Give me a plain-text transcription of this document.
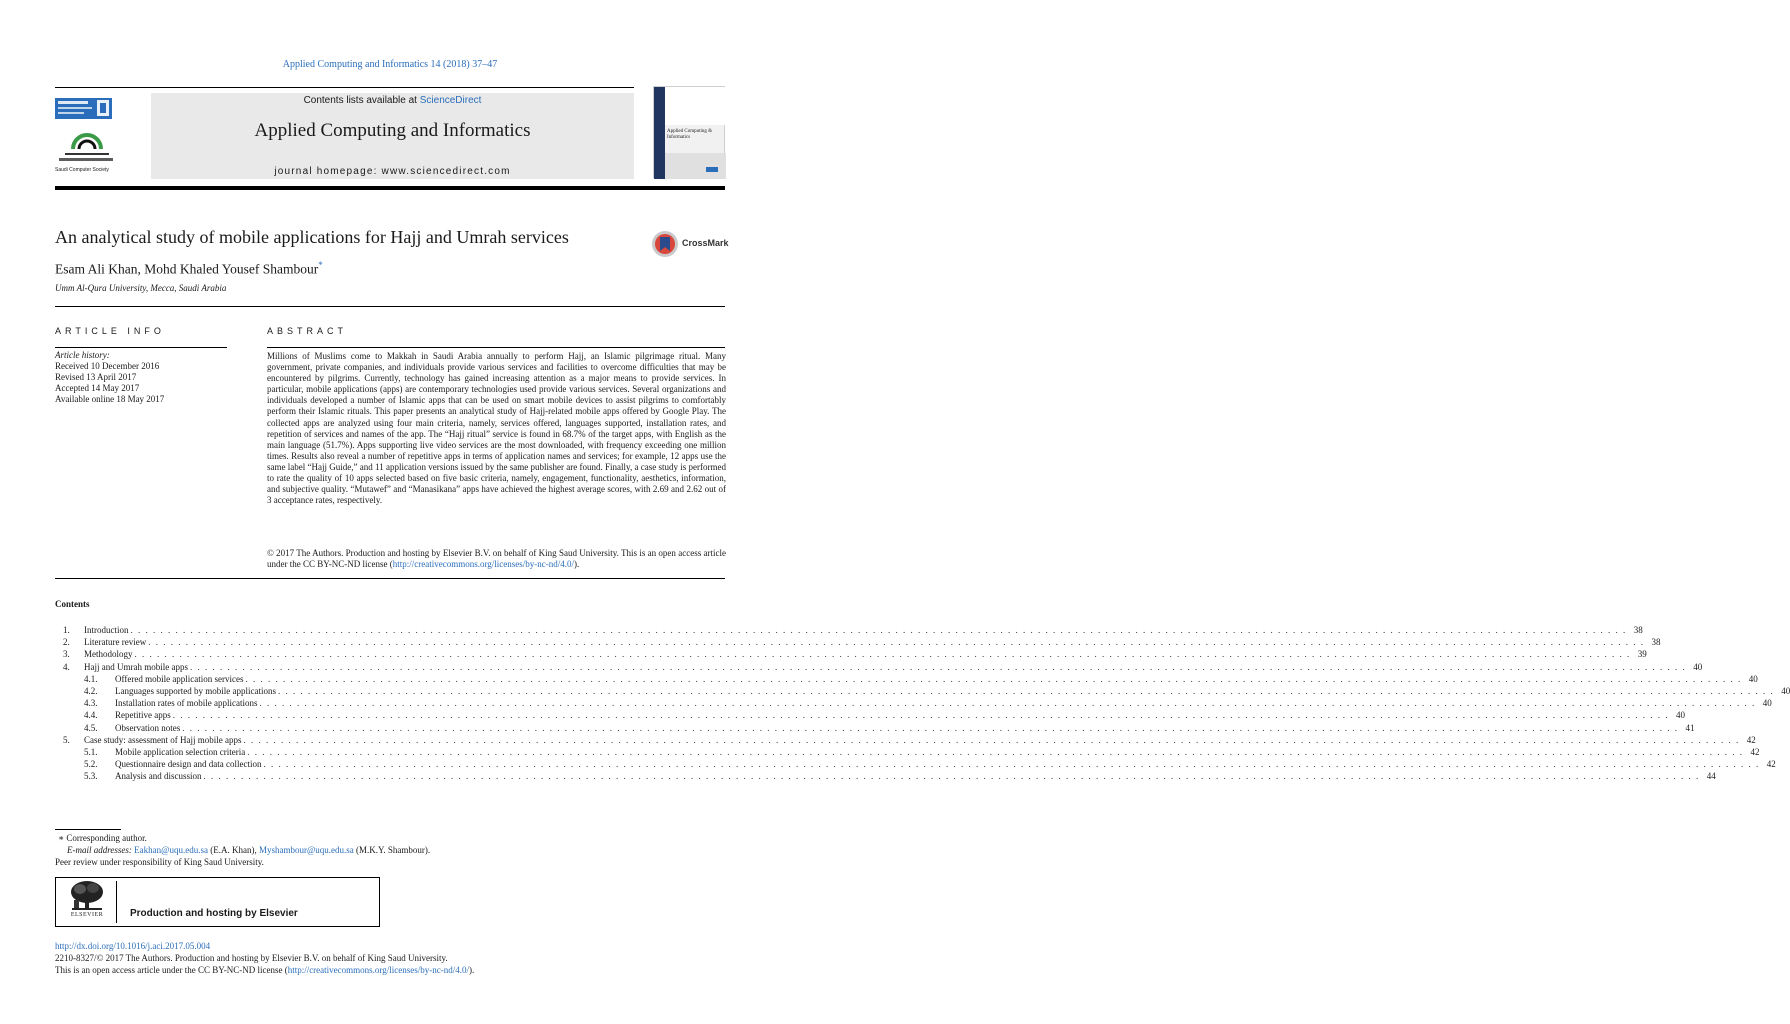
Applied Computing and Informatics 14 (2018) 37–47
Saudi Computer Society
Contents lists available at ScienceDirect
Applied Computing and Informatics
journal homepage: www.sciencedirect.com
Applied Computing & Informatics
An analytical study of mobile applications for Hajj and Umrah services
Esam Ali Khan, Mohd Khaled Yousef Shambour*
Umm Al-Qura University, Mecca, Saudi Arabia
CrossMark
ARTICLE INFO	ABSTRACT
Article history:
Received 10 December 2016
Revised 13 April 2017
Accepted 14 May 2017
Available online 18 May 2017
Millions of Muslims come to Makkah in Saudi Arabia annually to perform Hajj, an Islamic pilgrimage ritual. Many government, private companies, and individuals provide various services and facilities to overcome difficulties that may be encountered by pilgrims. Currently, technology has gained increasing attention as a major means to provide services. In particular, mobile applications (apps) are contemporary technologies used provide various services. Several organizations and individuals developed a number of Islamic apps that can be used on smart mobile devices to assist pilgrims to comfortably perform their Islamic rituals. This paper presents an analytical study of Hajj-related mobile apps offered by Google Play. The collected apps are analyzed using four main criteria, namely, services offered, languages supported, installation rates, and repetition of services and names of the app. The “Hajj ritual” service is found in 68.7% of the target apps, with English as the main language (51.7%). Apps supporting live video services are the most downloaded, with frequency exceeding one million times. Results also reveal a number of repetitive apps in terms of application names and services; for example, 12 apps use the same label “Hajj Guide,” and 11 application versions issued by the same publisher are found. Finally, a case study is performed to rate the quality of 10 apps selected based on five basic criteria, namely, engagement, functionality, aesthetics, information, and subjective quality. “Mutawef” and “Manasikana” apps have achieved the highest average scores, with 2.69 and 2.62 out of 3 acceptance rates, respectively.
© 2017 The Authors. Production and hosting by Elsevier B.V. on behalf of King Saud University. This is an open access article under the CC BY-NC-ND license (http://creativecommons.org/licenses/by-nc-nd/4.0/).
Contents
1.	Introduction . . . . . . . . . . . . . . . . . . . . . . . . . . . . . . . . . . . . . . . . . . . . . . . . . . . . . . . . . . . . . . . . . . . . . . . . . . . . . . . . . . . . . . . . . . . . . . . . . . . . . . . . . . . . . . . . . . . . . . . . . . . . . . . . . . . . . . . . . . . . . . . . . . . . . . . . . . . . . . . . . . . . . . . . . . . . . . . . . . . . . . . . . . . . . . . . . . . . . . . . 38
2.	Literature review . . . . . . . . . . . . . . . . . . . . . . . . . . . . . . . . . . . . . . . . . . . . . . . . . . . . . . . . . . . . . . . . . . . . . . . . . . . . . . . . . . . . . . . . . . . . . . . . . . . . . . . . . . . . . . . . . . . . . . . . . . . . . . . . . . . . . . . . . . . . . . . . . . . . . . . . . . . . . . . . . . . . . . . . . . . . . . . . . . . . . . . . . . . . . . . . . . . . . . . . 38
3.	Methodology . . . . . . . . . . . . . . . . . . . . . . . . . . . . . . . . . . . . . . . . . . . . . . . . . . . . . . . . . . . . . . . . . . . . . . . . . . . . . . . . . . . . . . . . . . . . . . . . . . . . . . . . . . . . . . . . . . . . . . . . . . . . . . . . . . . . . . . . . . . . . . . . . . . . . . . . . . . . . . . . . . . . . . . . . . . . . . . . . . . . . . . . . . . . . . . . . . . . . . . . 39
4.	Hajj and Umrah mobile apps . . . . . . . . . . . . . . . . . . . . . . . . . . . . . . . . . . . . . . . . . . . . . . . . . . . . . . . . . . . . . . . . . . . . . . . . . . . . . . . . . . . . . . . . . . . . . . . . . . . . . . . . . . . . . . . . . . . . . . . . . . . . . . . . . . . . . . . . . . . . . . . . . . . . . . . . . . . . . . . . . . . . . . . . . . . . . . . . . . . . . . . . . . . . . . . . . . . . . . . . 40
4.1.	Offered mobile application services . . . . . . . . . . . . . . . . . . . . . . . . . . . . . . . . . . . . . . . . . . . . . . . . . . . . . . . . . . . . . . . . . . . . . . . . . . . . . . . . . . . . . . . . . . . . . . . . . . . . . . . . . . . . . . . . . . . . . . . . . . . . . . . . . . . . . . . . . . . . . . . . . . . . . . . . . . . . . . . . . . . . . . . . . . . . . . . . . . . . . . . . . . . . . . . . . . . . . . . . 40
4.2.	Languages supported by mobile applications . . . . . . . . . . . . . . . . . . . . . . . . . . . . . . . . . . . . . . . . . . . . . . . . . . . . . . . . . . . . . . . . . . . . . . . . . . . . . . . . . . . . . . . . . . . . . . . . . . . . . . . . . . . . . . . . . . . . . . . . . . . . . . . . . . . . . . . . . . . . . . . . . . . . . . . . . . . . . . . . . . . . . . . . . . . . . . . . . . . . . . . . . . . . . . . . . . . . . . . . 40
4.3.	Installation rates of mobile applications . . . . . . . . . . . . . . . . . . . . . . . . . . . . . . . . . . . . . . . . . . . . . . . . . . . . . . . . . . . . . . . . . . . . . . . . . . . . . . . . . . . . . . . . . . . . . . . . . . . . . . . . . . . . . . . . . . . . . . . . . . . . . . . . . . . . . . . . . . . . . . . . . . . . . . . . . . . . . . . . . . . . . . . . . . . . . . . . . . . . . . . . . . . . . . . . . . . . . . . . 40
4.4.	Repetitive apps . . . . . . . . . . . . . . . . . . . . . . . . . . . . . . . . . . . . . . . . . . . . . . . . . . . . . . . . . . . . . . . . . . . . . . . . . . . . . . . . . . . . . . . . . . . . . . . . . . . . . . . . . . . . . . . . . . . . . . . . . . . . . . . . . . . . . . . . . . . . . . . . . . . . . . . . . . . . . . . . . . . . . . . . . . . . . . . . . . . . . . . . . . . . . . . . . . . . . . . . 40
4.5.	Observation notes . . . . . . . . . . . . . . . . . . . . . . . . . . . . . . . . . . . . . . . . . . . . . . . . . . . . . . . . . . . . . . . . . . . . . . . . . . . . . . . . . . . . . . . . . . . . . . . . . . . . . . . . . . . . . . . . . . . . . . . . . . . . . . . . . . . . . . . . . . . . . . . . . . . . . . . . . . . . . . . . . . . . . . . . . . . . . . . . . . . . . . . . . . . . . . . . . . . . . . . . 41
5.	Case study: assessment of Hajj mobile apps . . . . . . . . . . . . . . . . . . . . . . . . . . . . . . . . . . . . . . . . . . . . . . . . . . . . . . . . . . . . . . . . . . . . . . . . . . . . . . . . . . . . . . . . . . . . . . . . . . . . . . . . . . . . . . . . . . . . . . . . . . . . . . . . . . . . . . . . . . . . . . . . . . . . . . . . . . . . . . . . . . . . . . . . . . . . . . . . . . . . . . . . . . . . . . . . . . . . . . . . 42
5.1.	Mobile application selection criteria . . . . . . . . . . . . . . . . . . . . . . . . . . . . . . . . . . . . . . . . . . . . . . . . . . . . . . . . . . . . . . . . . . . . . . . . . . . . . . . . . . . . . . . . . . . . . . . . . . . . . . . . . . . . . . . . . . . . . . . . . . . . . . . . . . . . . . . . . . . . . . . . . . . . . . . . . . . . . . . . . . . . . . . . . . . . . . . . . . . . . . . . . . . . . . . . . . . . . . . . 42
5.2.	Questionnaire design and data collection . . . . . . . . . . . . . . . . . . . . . . . . . . . . . . . . . . . . . . . . . . . . . . . . . . . . . . . . . . . . . . . . . . . . . . . . . . . . . . . . . . . . . . . . . . . . . . . . . . . . . . . . . . . . . . . . . . . . . . . . . . . . . . . . . . . . . . . . . . . . . . . . . . . . . . . . . . . . . . . . . . . . . . . . . . . . . . . . . . . . . . . . . . . . . . . . . . . . . . . . 42
5.3.	Analysis and discussion . . . . . . . . . . . . . . . . . . . . . . . . . . . . . . . . . . . . . . . . . . . . . . . . . . . . . . . . . . . . . . . . . . . . . . . . . . . . . . . . . . . . . . . . . . . . . . . . . . . . . . . . . . . . . . . . . . . . . . . . . . . . . . . . . . . . . . . . . . . . . . . . . . . . . . . . . . . . . . . . . . . . . . . . . . . . . . . . . . . . . . . . . . . . . . . . . . . . . . . . 44
∗ Corresponding author.
E-mail addresses: Eakhan@uqu.edu.sa (E.A. Khan), Myshambour@uqu.edu.sa (M.K.Y. Shambour).
Peer review under responsibility of King Saud University.
ELSEVIER	Production and hosting by Elsevier
http://dx.doi.org/10.1016/j.aci.2017.05.004
2210-8327/© 2017 The Authors. Production and hosting by Elsevier B.V. on behalf of King Saud University.
This is an open access article under the CC BY-NC-ND license (http://creativecommons.org/licenses/by-nc-nd/4.0/).
